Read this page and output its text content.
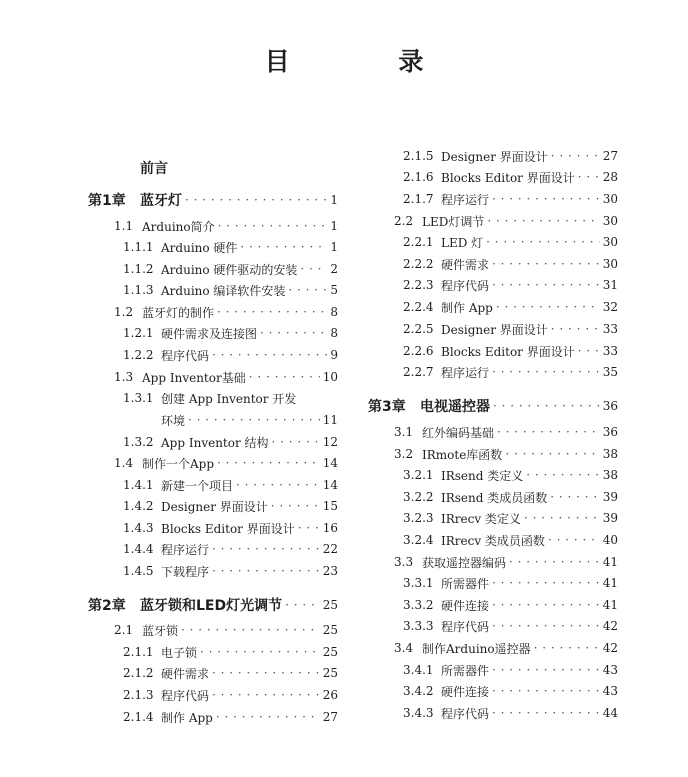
目 录
前言
第1章	蓝牙灯 · · ·	1
1.1 Arduino简介 · · ·	1
1.1.1 Arduino 硬件 · · ·	1
1.1.2 Arduino 硬件驱动的安装 · · ·	2
1.1.3 Arduino 编译软件安装 · · ·	5
1.2 蓝牙灯的制作 · · ·	8
1.2.1 硬件需求及连接图 · · ·	8
1.2.2 程序代码 · · ·	9
1.3 App Inventor基础 · · ·	10
1.3.1 创建 App Inventor 开发
环境 · · ·	11
1.3.2 App Inventor 结构 · · ·	12
1.4 制作一个App · · ·	14
1.4.1 新建一个项目 · · ·	14
1.4.2 Designer 界面设计 · · ·	15
1.4.3 Blocks Editor 界面设计 · · · 16
1.4.4 程序运行 · · ·	22
1.4.5 下载程序 · · ·	23
第2章	蓝牙锁和LED灯光调节 · · ·	25
2.1 蓝牙锁 · · ·	25
2.1.1 电子锁 · · ·	25
2.1.2 硬件需求 · · ·	25
2.1.3 程序代码 · · ·	26
2.1.4 制作 App · · ·	27
2.1.5 Designer 界面设计 · · ·	27
2.1.6 Blocks Editor 界面设计 · · · 28
2.1.7 程序运行 · · ·	30
2.2 LED灯调节 · · ·	30
2.2.1 LED 灯 · · ·	30
2.2.2 硬件需求 · · ·	30
2.2.3 程序代码 · · ·	31
2.2.4 制作 App · · ·	32
2.2.5 Designer 界面设计 · · ·	33
2.2.6 Blocks Editor 界面设计 · · · 33
2.2.7 程序运行 · · ·	35
第3章	电视遥控器 · · ·	36
3.1 红外编码基础 · · ·	36
3.2 IRmote库函数 · · ·	38
3.2.1 IRsend 类定义 · · ·	38
3.2.2 IRsend 类成员函数 · · ·	39
3.2.3 IRrecv 类定义 · · ·	39
3.2.4 IRrecv 类成员函数 · · ·	40
3.3 获取遥控器编码 · · ·	41
3.3.1 所需器件 · · ·	41
3.3.2 硬件连接 · · ·	41
3.3.3 程序代码 · · ·	42
3.4 制作Arduino遥控器 · · ·	42
3.4.1 所需器件 · · ·	43
3.4.2 硬件连接 · · ·	43
3.4.3 程序代码 · · ·	44
